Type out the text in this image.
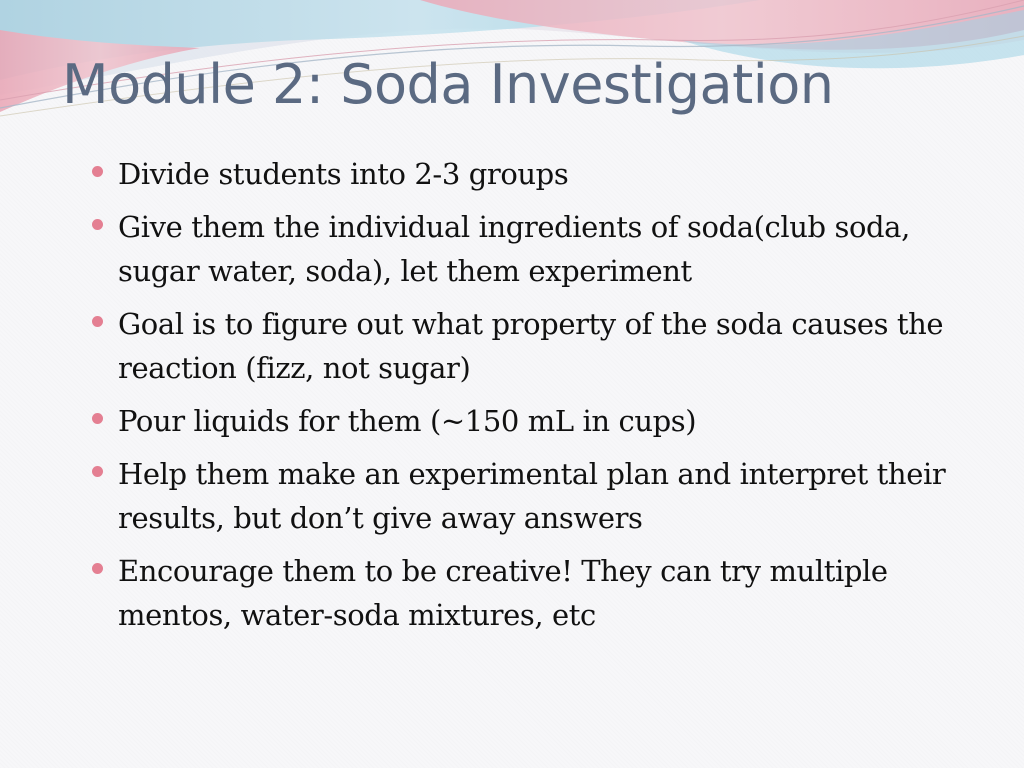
Module 2: Soda Investigation
Divide students into 2-3 groups
Give them the individual ingredients of soda(club soda, sugar water, soda), let them experiment
Goal is to figure out what property of the soda causes the reaction (fizz, not sugar)
Pour liquids for them (~150 mL in cups)
Help them make an experimental plan and interpret their results, but don’t give away answers
Encourage them to be creative! They can try multiple mentos, water-soda mixtures, etc
